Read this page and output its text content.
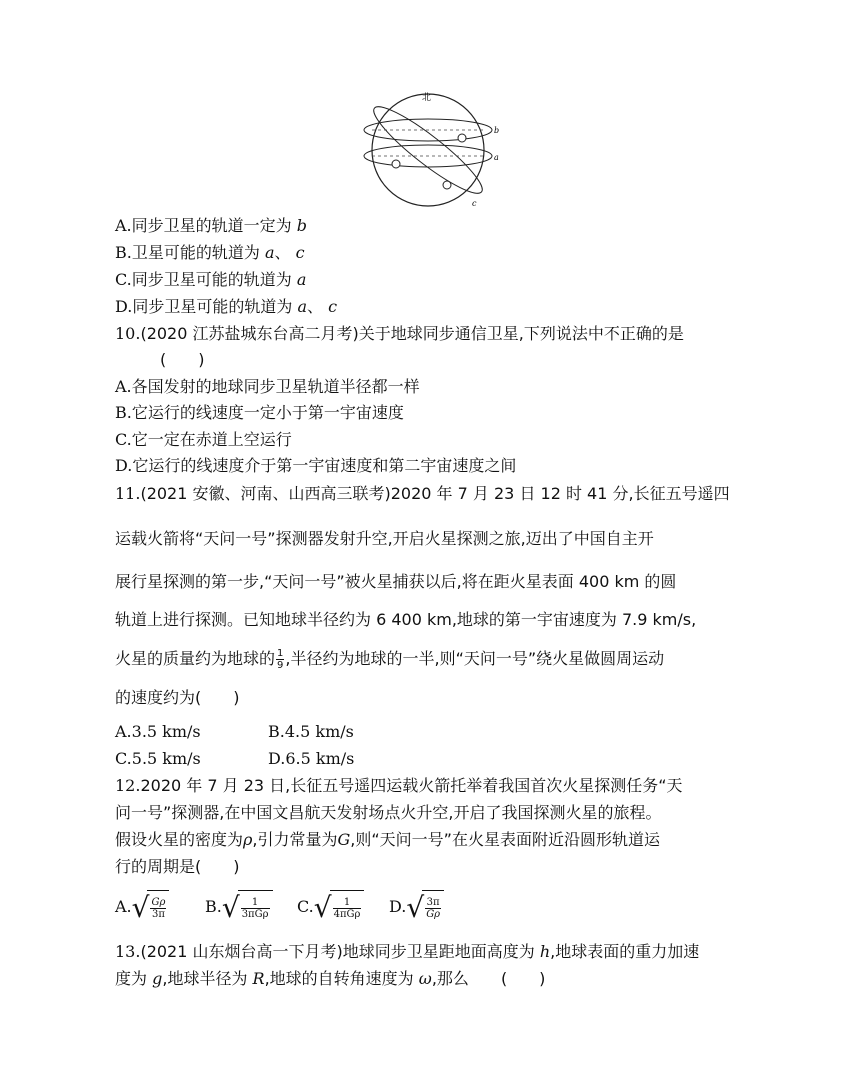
北
b
a
c
A.同步卫星的轨道一定为 b
B.卫星可能的轨道为 a、 c
C.同步卫星可能的轨道为 a
D.同步卫星可能的轨道为 a、 c
10.(2020 江苏盐城东台高二月考)关于地球同步通信卫星,下列说法中不正确的是
(　　)
A.各国发射的地球同步卫星轨道半径都一样
B.它运行的线速度一定小于第一宇宙速度
C.它一定在赤道上空运行
D.它运行的线速度介于第一宇宙速度和第二宇宙速度之间
11.(2021 安徽、河南、山西高三联考)2020 年 7 月 23 日 12 时 41 分,长征五号遥四
运载火箭将“天问一号”探测器发射升空,开启火星探测之旅,迈出了中国自主开
展行星探测的第一步,“天问一号”被火星捕获以后,将在距火星表面 400 km 的圆
轨道上进行探测。已知地球半径约为 6 400 km,地球的第一宇宙速度为 7.9 km/s,
火星的质量约为地球的 $\frac{1}{9}$ ,半径约为地球的一半,则“天问一号”绕火星做圆周运动
的速度约为(　　)
A.3.5 km/s	B.4.5 km/s
C.5.5 km/s	D.6.5 km/s
12.2020 年 7 月 23 日,长征五号遥四运载火箭托举着我国首次火星探测任务“天
问一号”探测器,在中国文昌航天发射场点火升空,开启了我国探测火星的旅程。
假设火星的密度为ρ,引力常量为G,则“天问一号”在火星表面附近沿圆形轨道运
行的周期是(　　)
A. √ $\frac{G\rho}{3\pi} B$. √ $\frac{1}{\text{3πGρ}} C$. √ $\frac{1}{\text{4πGρ}} D$. √ $\frac{3\pi}{G\rho}$
13.(2021 山东烟台高一下月考)地球同步卫星距地面高度为 h,地球表面的重力加速
度为 g,地球半径为 R,地球的自转角速度为 ω,那么　　 (　　)
